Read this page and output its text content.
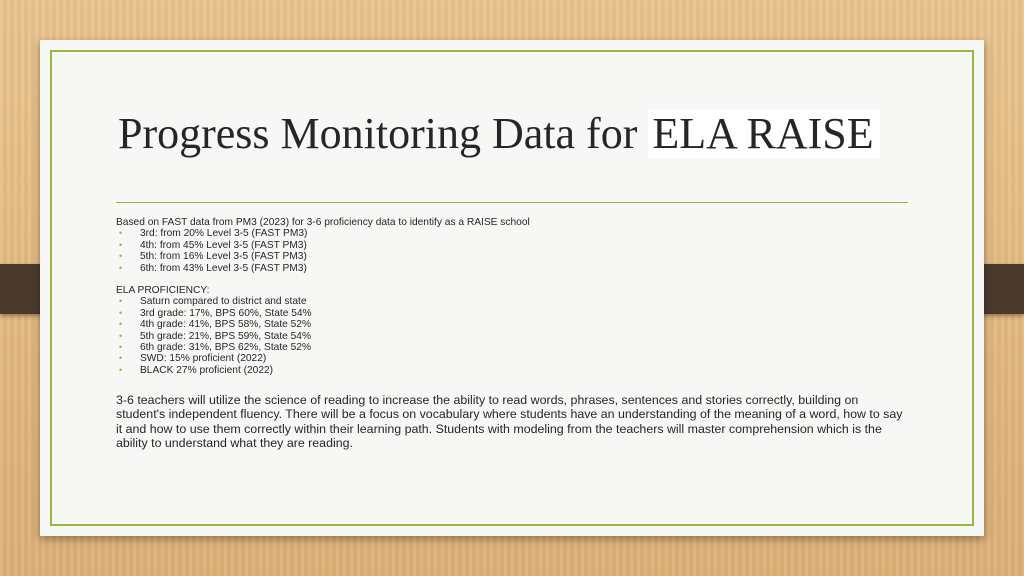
Progress Monitoring Data for ELA RAISE

Based on FAST data from PM3 (2023) for 3-6 proficiency data to identify as a RAISE school

• 3rd: from 20% Level 3-5 (FAST PM3)
• 4th: from 45% Level 3-5 (FAST PM3)
• 5th: from 16% Level 3-5 (FAST PM3)
• 6th: from 43% Level 3-5 (FAST PM3)

ELA PROFICIENCY:

• Saturn compared to district and state
• 3rd grade: 17%, BPS 60%, State 54%
• 4th grade: 41%, BPS 58%, State 52%
• 5th grade: 21%, BPS 59%, State 54%
• 6th grade: 31%, BPS 62%, State 52%
• SWD: 15% proficient (2022)
• BLACK 27% proficient (2022)

3-6 teachers will utilize the science of reading to increase the ability to read words, phrases, sentences and stories correctly, building on student's independent fluency. There will be a focus on vocabulary where students have an understanding of the meaning of a word, how to say it and how to use them correctly within their learning path. Students with modeling from the teachers will master comprehension which is the ability to understand what they are reading.
